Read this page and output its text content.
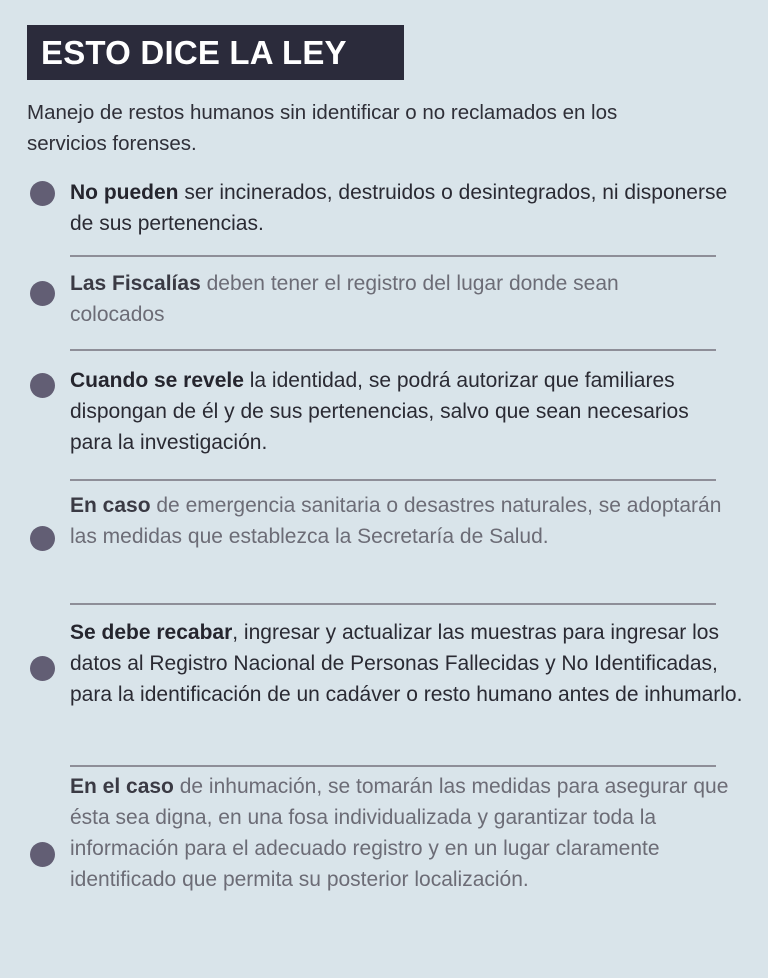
ESTO DICE LA LEY
Manejo de restos humanos sin identificar o no reclamados en los servicios forenses.
No pueden ser incinerados, destruidos o desintegrados, ni disponerse de sus pertenencias.
Las Fiscalías deben tener el registro del lugar donde sean colocados
Cuando se revele la identidad, se podrá autorizar que familiares dispongan de él y de sus pertenencias, salvo que sean necesarios para la investigación.
En caso de emergencia sanitaria o desastres naturales, se adoptarán las medidas que establezca la Secretaría de Salud.
Se debe recabar, ingresar y actualizar las muestras para ingresar los datos al Registro Nacional de Personas Fallecidas y No Identificadas, para la identificación de un cadáver o resto humano antes de inhumarlo.
En el caso de inhumación, se tomarán las medidas para asegurar que ésta sea digna, en una fosa individualizada y garantizar toda la información para el adecuado registro y en un lugar claramente identificado que permita su posterior localización.
